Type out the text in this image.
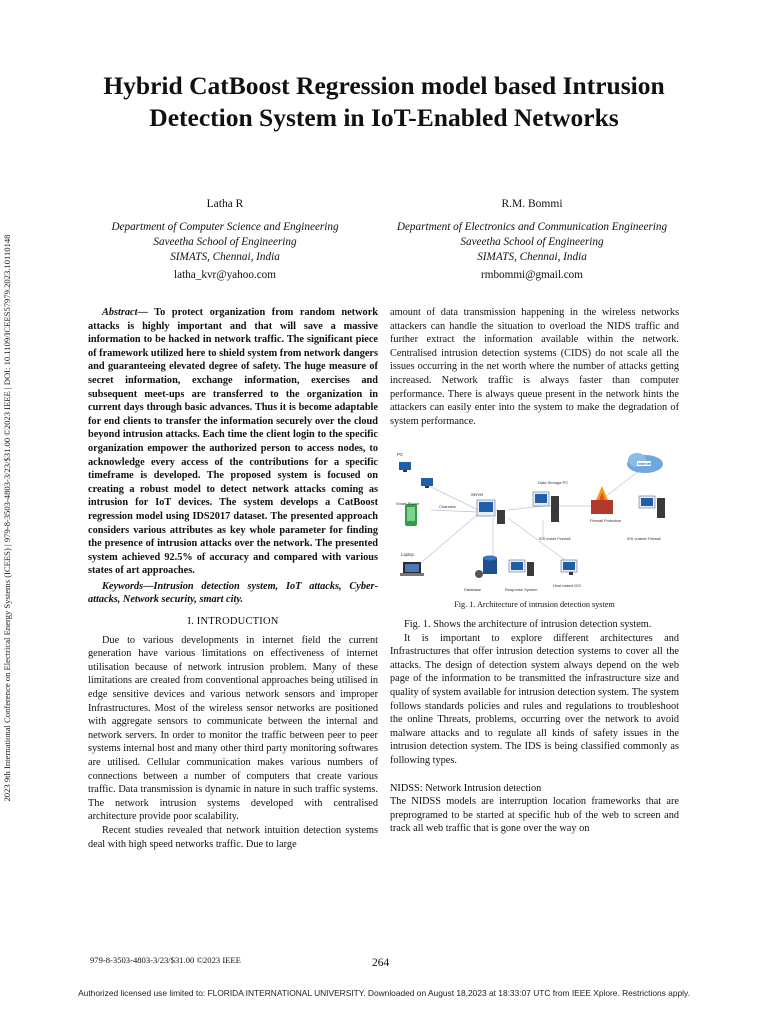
2023 9th International Conference on Electrical Energy Systems (ICEES) | 979-8-3503-4803-3/23/$31.00 ©2023 IEEE | DOI: 10.1109/ICEES57979.2023.10110148
Hybrid CatBoost Regression model based Intrusion Detection System in IoT-Enabled Networks
Latha R
Department of Computer Science and Engineering
Saveetha School of Engineering
SIMATS, Chennai, India
latha_kvr@yahoo.com
R.M. Bommi
Department of Electronics and Communication Engineering
Saveetha School of Engineering
SIMATS, Chennai, India
rmbommi@gmail.com

Abstract— To protect organization from random network attacks is highly important and that will save a massive information to be hacked in network traffic. The significant piece of framework utilized here to shield system from network dangers and guaranteeing elevated degree of safety. The huge measure of secret information, exchange information, exercises and subsequent meet-ups are transferred to the organization in current days through basic advances. Thus it is become adaptable for end clients to transfer the information securely over the cloud beyond intrusion attacks. Each time the client login to the specific organization empower the authorized person to access nodes, to acknowledge every access of the contributions for a specific timeframe is developed. The proposed system is focused on creating a robust model to detect network attacks coming as intrusion for IoT devices. The system develops a CatBoost regression model using IDS2017 dataset. The presented approach considers various attributes as key whole parameter for finding the presence of intrusion attacks over the network. The presented system achieved 92.5% of accuracy and compared with various states of art approaches.

Keywords—Intrusion detection system, IoT attacks, Cyber-attacks, Network security, smart city.

I. INTRODUCTION

Due to various developments in internet field the current generation have various limitations on effectiveness of internet utilisation because of network intrusion problem. Many of these limitations are created from conventional approaches being utilised in edge sensitive devices and various network sensors and improper Infrastructures. Most of the wireless sensor networks are positioned with aggregate sensors to communicate between the internal and network servers. In order to monitor the traffic between peer to peer systems internal host and many other third party monitoring softwares are utilised. Cellular communication makes various numbers of connections between a number of computers that create various traffic. Data transmission is dynamic in nature in such traffic systems. The network intrusion systems developed with centralised architecture provide poor scalability.

Recent studies revealed that network intuition detection systems deal with high speed networks traffic. Due to large

amount of data transmission happening in the wireless networks attackers can handle the situation to overload the NIDS traffic and further extract the information available within the network. Centralised intrusion detection systems (CIDS) do not scale all the issues occurring in the net worth where the number of attacks getting increased. Network traffic is always faster than computer performance. There is always queue present in the network hints the attackers can easily enter into the system to make the degradation of system performance.

PC
Smart Phone
Channels
Laptop
Server
Database	Response System
Host based IDS
Data Storage PC
IDS inside Firewall
Firewall Protection
Internet
IDS outside Firewall
Fig. 1. Architecture of intrusion detection system

Fig. 1. Shows the architecture of intrusion detection system.

It is important to explore different architectures and Infrastructures that offer intrusion detection systems to cover all the attacks. The design of detection system always depend on the web page of the information to be transmitted the infrastructure size and quality of system available for intrusion detection system. The system follows standards policies and rules and regulations to troubleshoot the online Threats, problems, occurring over the network to avoid malware attacks and to regulate all kinds of safety issues in the intrusion detection system. The IDS is being classified commonly as following types.

NIDSS: Network Intrusion detection

The NIDSS models are interruption location frameworks that are preprogramed to be started at specific hub of the web to screen and track all web traffic that is gone over the way on

979-8-3503-4803-3/23/$31.00 ©2023 IEEE	264
Authorized licensed use limited to: FLORIDA INTERNATIONAL UNIVERSITY. Downloaded on August 18,2023 at 18:33:07 UTC from IEEE Xplore. Restrictions apply.
